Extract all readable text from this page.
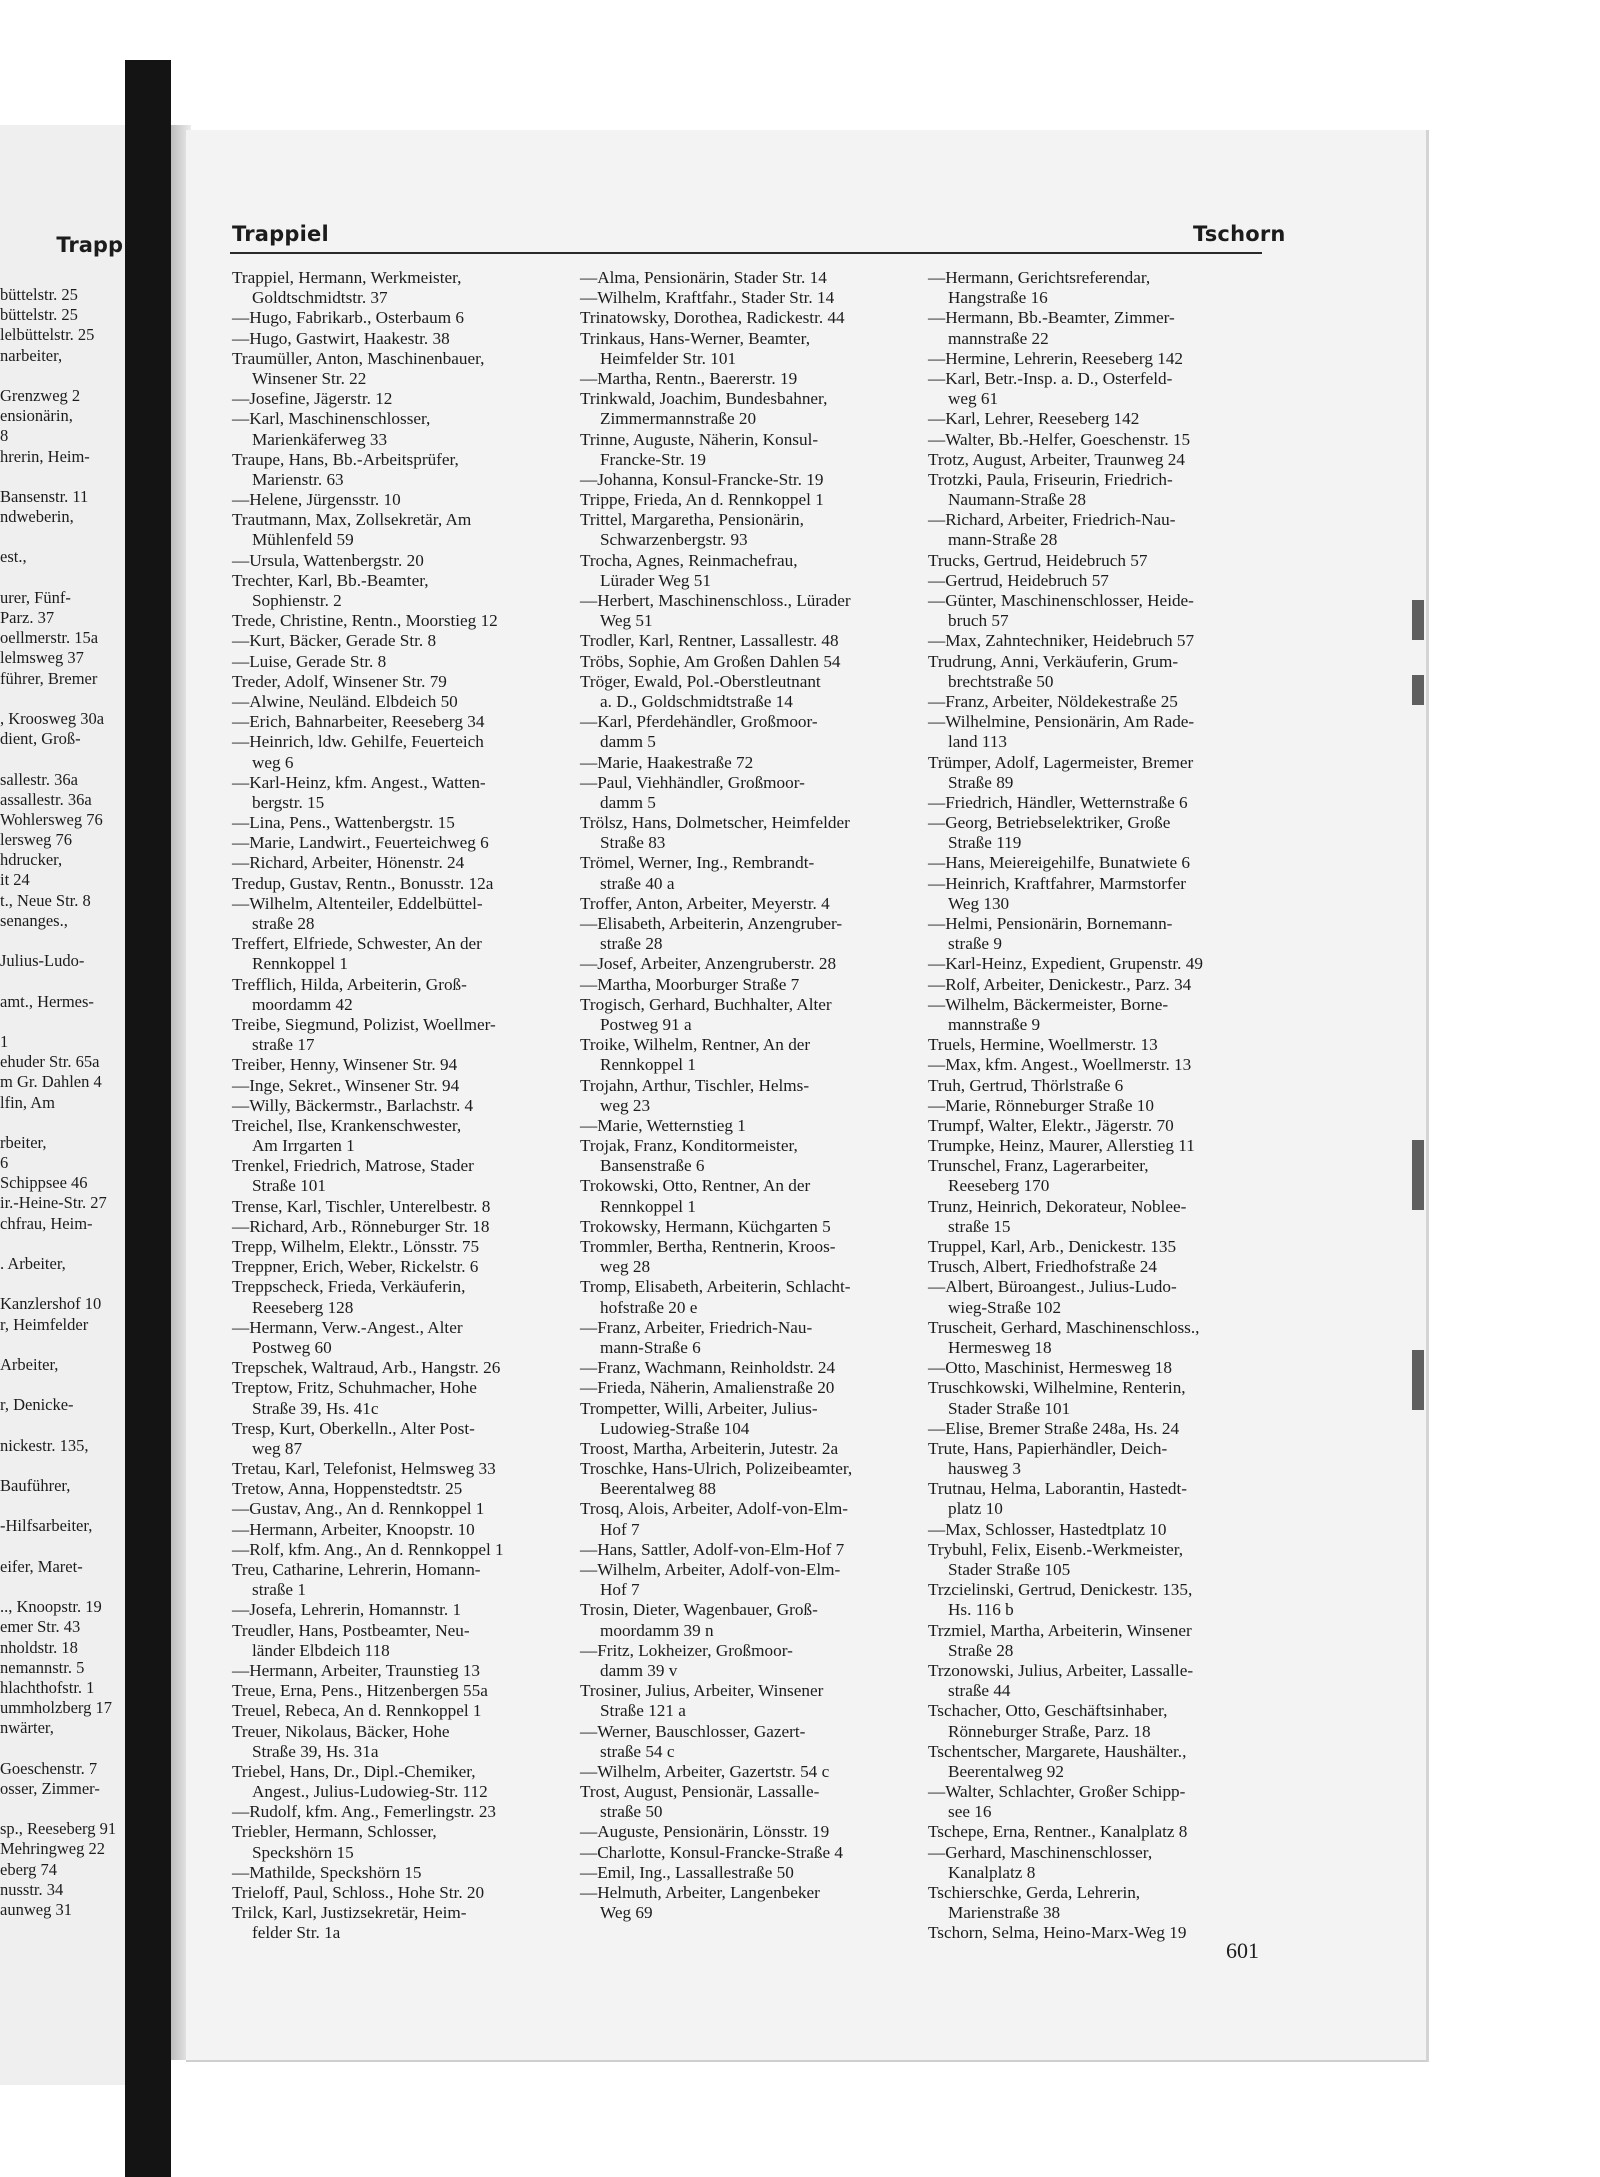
Trapp
büttelstr. 25
büttelstr. 25
lelbüttelstr. 25
narbeiter,
Grenzweg 2
ensionärin,
8
hrerin, Heim-
Bansenstr. 11
ndweberin,
est.,
urer, Fünf-
Parz. 37
oellmerstr. 15a
lelmsweg 37
führer, Bremer
, Kroosweg 30a
dient, Groß-
sallestr. 36a
assallestr. 36a
Wohlersweg 76
lersweg 76
hdrucker,
it 24
t., Neue Str. 8
senanges.,
Julius-Ludo-
amt., Hermes-
1
ehuder Str. 65a
m Gr. Dahlen 4
lfin, Am
rbeiter,
6
Schippsee 46
ir.-Heine-Str. 27
chfrau, Heim-
. Arbeiter,
Kanzlershof 10
r, Heimfelder
Arbeiter,
r, Denicke-
nickestr. 135,
Bauführer,
-Hilfsarbeiter,
eifer, Maret-
.., Knoopstr. 19
emer Str. 43
nholdstr. 18
nemannstr. 5
hlachthofstr. 1
ummholzberg 17
nwärter,
Goeschenstr. 7
osser, Zimmer-
sp., Reeseberg 91
Mehringweg 22
eberg 74
nusstr. 34
aunweg 31
Trappiel	Tschorn
Trappiel, Hermann, Werkmeister,
Goldtschmidtstr. 37
—Hugo, Fabrikarb., Osterbaum 6
—Hugo, Gastwirt, Haakestr. 38
Traumüller, Anton, Maschinenbauer,
Winsener Str. 22
—Josefine, Jägerstr. 12
—Karl, Maschinenschlosser,
Marienkäferweg 33
Traupe, Hans, Bb.-Arbeitsprüfer,
Marienstr. 63
—Helene, Jürgensstr. 10
Trautmann, Max, Zollsekretär, Am
Mühlenfeld 59
—Ursula, Wattenbergstr. 20
Trechter, Karl, Bb.-Beamter,
Sophienstr. 2
Trede, Christine, Rentn., Moorstieg 12
—Kurt, Bäcker, Gerade Str. 8
—Luise, Gerade Str. 8
Treder, Adolf, Winsener Str. 79
—Alwine, Neuländ. Elbdeich 50
—Erich, Bahnarbeiter, Reeseberg 34
—Heinrich, ldw. Gehilfe, Feuerteich
weg 6
—Karl-Heinz, kfm. Angest., Watten-
bergstr. 15
—Lina, Pens., Wattenbergstr. 15
—Marie, Landwirt., Feuerteichweg 6
—Richard, Arbeiter, Hönenstr. 24
Tredup, Gustav, Rentn., Bonusstr. 12a
—Wilhelm, Altenteiler, Eddelbüttel-
straße 28
Treffert, Elfriede, Schwester, An der
Rennkoppel 1
Trefflich, Hilda, Arbeiterin, Groß-
moordamm 42
Treibe, Siegmund, Polizist, Woellmer-
straße 17
Treiber, Henny, Winsener Str. 94
—Inge, Sekret., Winsener Str. 94
—Willy, Bäckermstr., Barlachstr. 4
Treichel, Ilse, Krankenschwester,
Am Irrgarten 1
Trenkel, Friedrich, Matrose, Stader
Straße 101
Trense, Karl, Tischler, Unterelbestr. 8
—Richard, Arb., Rönneburger Str. 18
Trepp, Wilhelm, Elektr., Lönsstr. 75
Treppner, Erich, Weber, Rickelstr. 6
Treppscheck, Frieda, Verkäuferin,
Reeseberg 128
—Hermann, Verw.-Angest., Alter
Postweg 60
Trepschek, Waltraud, Arb., Hangstr. 26
Treptow, Fritz, Schuhmacher, Hohe
Straße 39, Hs. 41c
Tresp, Kurt, Oberkelln., Alter Post-
weg 87
Tretau, Karl, Telefonist, Helmsweg 33
Tretow, Anna, Hoppenstedtstr. 25
—Gustav, Ang., An d. Rennkoppel 1
—Hermann, Arbeiter, Knoopstr. 10
—Rolf, kfm. Ang., An d. Rennkoppel 1
Treu, Catharine, Lehrerin, Homann-
straße 1
—Josefa, Lehrerin, Homannstr. 1
Treudler, Hans, Postbeamter, Neu-
länder Elbdeich 118
—Hermann, Arbeiter, Traunstieg 13
Treue, Erna, Pens., Hitzenbergen 55a
Treuel, Rebeca, An d. Rennkoppel 1
Treuer, Nikolaus, Bäcker, Hohe
Straße 39, Hs. 31a
Triebel, Hans, Dr., Dipl.-Chemiker,
Angest., Julius-Ludowieg-Str. 112
—Rudolf, kfm. Ang., Femerlingstr. 23
Triebler, Hermann, Schlosser,
Speckshörn 15
—Mathilde, Speckshörn 15
Trieloff, Paul, Schloss., Hohe Str. 20
Trilck, Karl, Justizsekretär, Heim-
felder Str. 1a
—Alma, Pensionärin, Stader Str. 14
—Wilhelm, Kraftfahr., Stader Str. 14
Trinatowsky, Dorothea, Radickestr. 44
Trinkaus, Hans-Werner, Beamter,
Heimfelder Str. 101
—Martha, Rentn., Baererstr. 19
Trinkwald, Joachim, Bundesbahner,
Zimmermannstraße 20
Trinne, Auguste, Näherin, Konsul-
Francke-Str. 19
—Johanna, Konsul-Francke-Str. 19
Trippe, Frieda, An d. Rennkoppel 1
Trittel, Margaretha, Pensionärin,
Schwarzenbergstr. 93
Trocha, Agnes, Reinmachefrau,
Lürader Weg 51
—Herbert, Maschinenschloss., Lürader
Weg 51
Trodler, Karl, Rentner, Lassallestr. 48
Tröbs, Sophie, Am Großen Dahlen 54
Tröger, Ewald, Pol.-Oberstleutnant
a. D., Goldschmidtstraße 14
—Karl, Pferdehändler, Großmoor-
damm 5
—Marie, Haakestraße 72
—Paul, Viehhändler, Großmoor-
damm 5
Trölsz, Hans, Dolmetscher, Heimfelder
Straße 83
Trömel, Werner, Ing., Rembrandt-
straße 40 a
Troffer, Anton, Arbeiter, Meyerstr. 4
—Elisabeth, Arbeiterin, Anzengruber-
straße 28
—Josef, Arbeiter, Anzengruberstr. 28
—Martha, Moorburger Straße 7
Trogisch, Gerhard, Buchhalter, Alter
Postweg 91 a
Troike, Wilhelm, Rentner, An der
Rennkoppel 1
Trojahn, Arthur, Tischler, Helms-
weg 23
—Marie, Wetternstieg 1
Trojak, Franz, Konditormeister,
Bansenstraße 6
Trokowski, Otto, Rentner, An der
Rennkoppel 1
Trokowsky, Hermann, Küchgarten 5
Trommler, Bertha, Rentnerin, Kroos-
weg 28
Tromp, Elisabeth, Arbeiterin, Schlacht-
hofstraße 20 e
—Franz, Arbeiter, Friedrich-Nau-
mann-Straße 6
—Franz, Wachmann, Reinholdstr. 24
—Frieda, Näherin, Amalienstraße 20
Trompetter, Willi, Arbeiter, Julius-
Ludowieg-Straße 104
Troost, Martha, Arbeiterin, Jutestr. 2a
Troschke, Hans-Ulrich, Polizeibeamter,
Beerentalweg 88
Trosq, Alois, Arbeiter, Adolf-von-Elm-
Hof 7
—Hans, Sattler, Adolf-von-Elm-Hof 7
—Wilhelm, Arbeiter, Adolf-von-Elm-
Hof 7
Trosin, Dieter, Wagenbauer, Groß-
moordamm 39 n
—Fritz, Lokheizer, Großmoor-
damm 39 v
Trosiner, Julius, Arbeiter, Winsener
Straße 121 a
—Werner, Bauschlosser, Gazert-
straße 54 c
—Wilhelm, Arbeiter, Gazertstr. 54 c
Trost, August, Pensionär, Lassalle-
straße 50
—Auguste, Pensionärin, Lönsstr. 19
—Charlotte, Konsul-Francke-Straße 4
—Emil, Ing., Lassallestraße 50
—Helmuth, Arbeiter, Langenbeker
Weg 69
—Hermann, Gerichtsreferendar,
Hangstraße 16
—Hermann, Bb.-Beamter, Zimmer-
mannstraße 22
—Hermine, Lehrerin, Reeseberg 142
—Karl, Betr.-Insp. a. D., Osterfeld-
weg 61
—Karl, Lehrer, Reeseberg 142
—Walter, Bb.-Helfer, Goeschenstr. 15
Trotz, August, Arbeiter, Traunweg 24
Trotzki, Paula, Friseurin, Friedrich-
Naumann-Straße 28
—Richard, Arbeiter, Friedrich-Nau-
mann-Straße 28
Trucks, Gertrud, Heidebruch 57
—Gertrud, Heidebruch 57
—Günter, Maschinenschlosser, Heide-
bruch 57
—Max, Zahntechniker, Heidebruch 57
Trudrung, Anni, Verkäuferin, Grum-
brechtstraße 50
—Franz, Arbeiter, Nöldekestraße 25
—Wilhelmine, Pensionärin, Am Rade-
land 113
Trümper, Adolf, Lagermeister, Bremer
Straße 89
—Friedrich, Händler, Wetternstraße 6
—Georg, Betriebselektriker, Große
Straße 119
—Hans, Meiereigehilfe, Bunatwiete 6
—Heinrich, Kraftfahrer, Marmstorfer
Weg 130
—Helmi, Pensionärin, Bornemann-
straße 9
—Karl-Heinz, Expedient, Grupenstr. 49
—Rolf, Arbeiter, Denickestr., Parz. 34
—Wilhelm, Bäckermeister, Borne-
mannstraße 9
Truels, Hermine, Woellmerstr. 13
—Max, kfm. Angest., Woellmerstr. 13
Truh, Gertrud, Thörlstraße 6
—Marie, Rönneburger Straße 10
Trumpf, Walter, Elektr., Jägerstr. 70
Trumpke, Heinz, Maurer, Allerstieg 11
Trunschel, Franz, Lagerarbeiter,
Reeseberg 170
Trunz, Heinrich, Dekorateur, Noblee-
straße 15
Truppel, Karl, Arb., Denickestr. 135
Trusch, Albert, Friedhofstraße 24
—Albert, Büroangest., Julius-Ludo-
wieg-Straße 102
Truscheit, Gerhard, Maschinenschloss.,
Hermesweg 18
—Otto, Maschinist, Hermesweg 18
Truschkowski, Wilhelmine, Renterin,
Stader Straße 101
—Elise, Bremer Straße 248a, Hs. 24
Trute, Hans, Papierhändler, Deich-
hausweg 3
Trutnau, Helma, Laborantin, Hastedt-
platz 10
—Max, Schlosser, Hastedtplatz 10
Trybuhl, Felix, Eisenb.-Werkmeister,
Stader Straße 105
Trzcielinski, Gertrud, Denickestr. 135,
Hs. 116 b
Trzmiel, Martha, Arbeiterin, Winsener
Straße 28
Trzonowski, Julius, Arbeiter, Lassalle-
straße 44
Tschacher, Otto, Geschäftsinhaber,
Rönneburger Straße, Parz. 18
Tschentscher, Margarete, Haushälter.,
Beerentalweg 92
—Walter, Schlachter, Großer Schipp-
see 16
Tschepe, Erna, Rentner., Kanalplatz 8
—Gerhard, Maschinenschlosser,
Kanalplatz 8
Tschierschke, Gerda, Lehrerin,
Marienstraße 38
Tschorn, Selma, Heino-Marx-Weg 19
601
